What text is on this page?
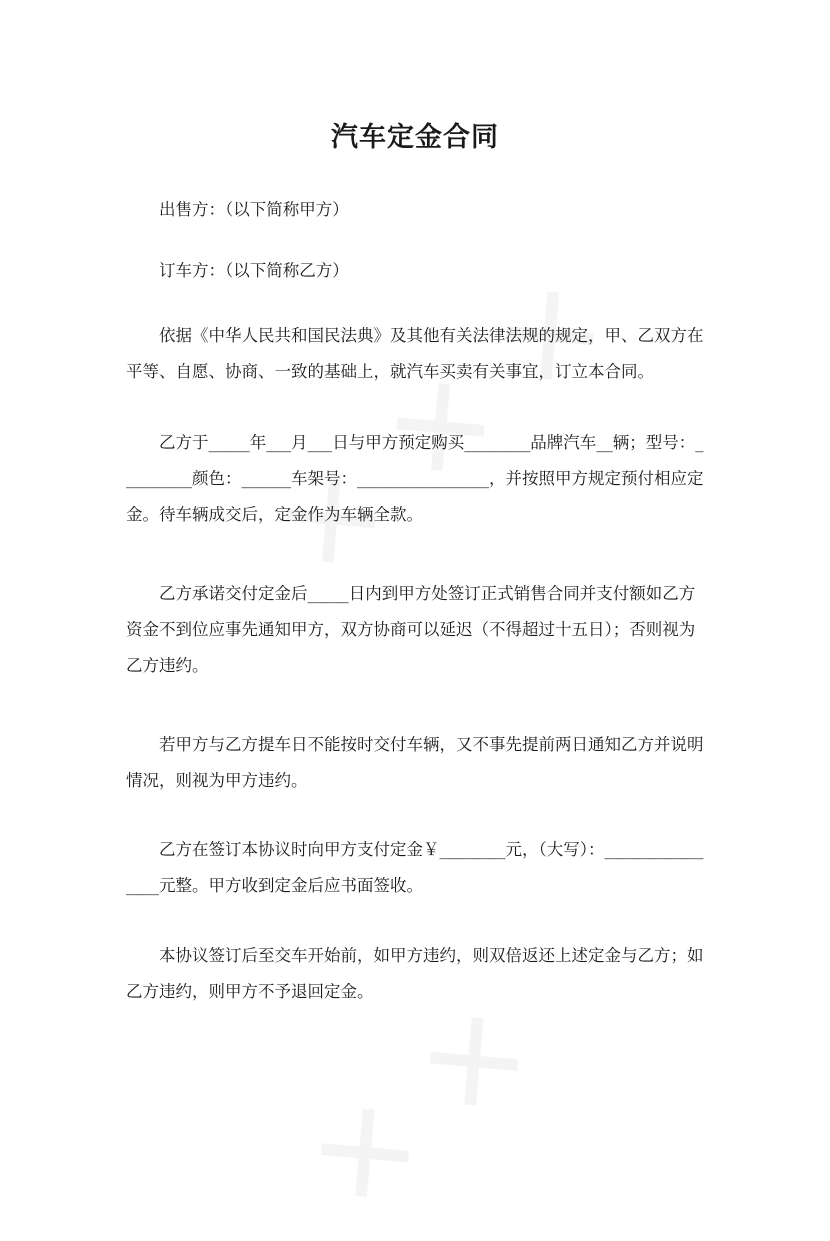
汽车定金合同
出售方：（以下简称甲方）
订车方：（以下简称乙方）
依据《中华人民共和国民法典》及其他有关法律法规的规定，甲、乙双方在平等、自愿、协商、一致的基础上，就汽车买卖有关事宜，订立本合同。
乙方于_____年___月___日与甲方预定购买________品牌汽车__辆；型号：_________颜色：______车架号：________________，并按照甲方规定预付相应定金。待车辆成交后，定金作为车辆全款。
乙方承诺交付定金后_____日内到甲方处签订正式销售合同并支付额如乙方资金不到位应事先通知甲方，双方协商可以延迟（不得超过十五日）；否则视为乙方违约。
若甲方与乙方提车日不能按时交付车辆，又不事先提前两日通知乙方并说明情况，则视为甲方违约。
乙方在签订本协议时向甲方支付定金￥________元，（大写）：________________元整。甲方收到定金后应书面签收。
本协议签订后至交车开始前，如甲方违约，则双倍返还上述定金与乙方；如乙方违约，则甲方不予退回定金。
